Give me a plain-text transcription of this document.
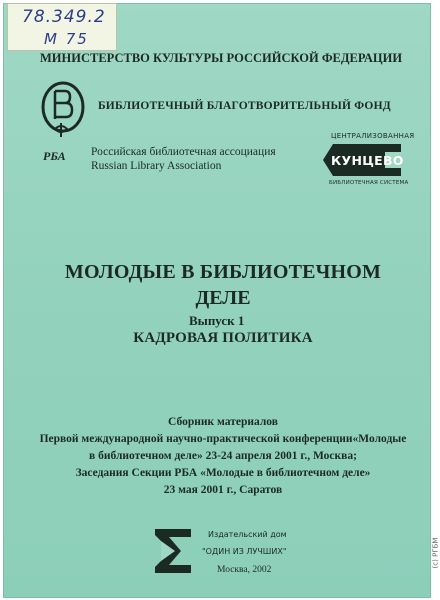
78.349.2
М 75
МИНИСТЕРСТВО КУЛЬТУРЫ РОССИЙСКОЙ ФЕДЕРАЦИИ
РБА
БИБЛИОТЕЧНЫЙ БЛАГОТВОРИТЕЛЬНЫЙ ФОНД
Российская библиотечная ассоциация
Russian Library Association
ЦЕНТРАЛИЗОВАННАЯ
КУНЦЕВО
БИБЛИОТЕЧНАЯ СИСТЕМА
МОЛОДЫЕ В БИБЛИОТЕЧНОМ
ДЕЛЕ
Выпуск 1
КАДРОВАЯ ПОЛИТИКА
Сборник материалов
Первой международной научно-практической конференции«Молодые
в библиотечном деле» 23-24 апреля 2001 г., Москва;
Заседания Секции РБА «Молодые в библиотечном деле»
23 мая 2001 г., Саратов
Издательский дом
"ОДИН ИЗ ЛУЧШИХ"
Москва, 2002
(c) РГБМ
